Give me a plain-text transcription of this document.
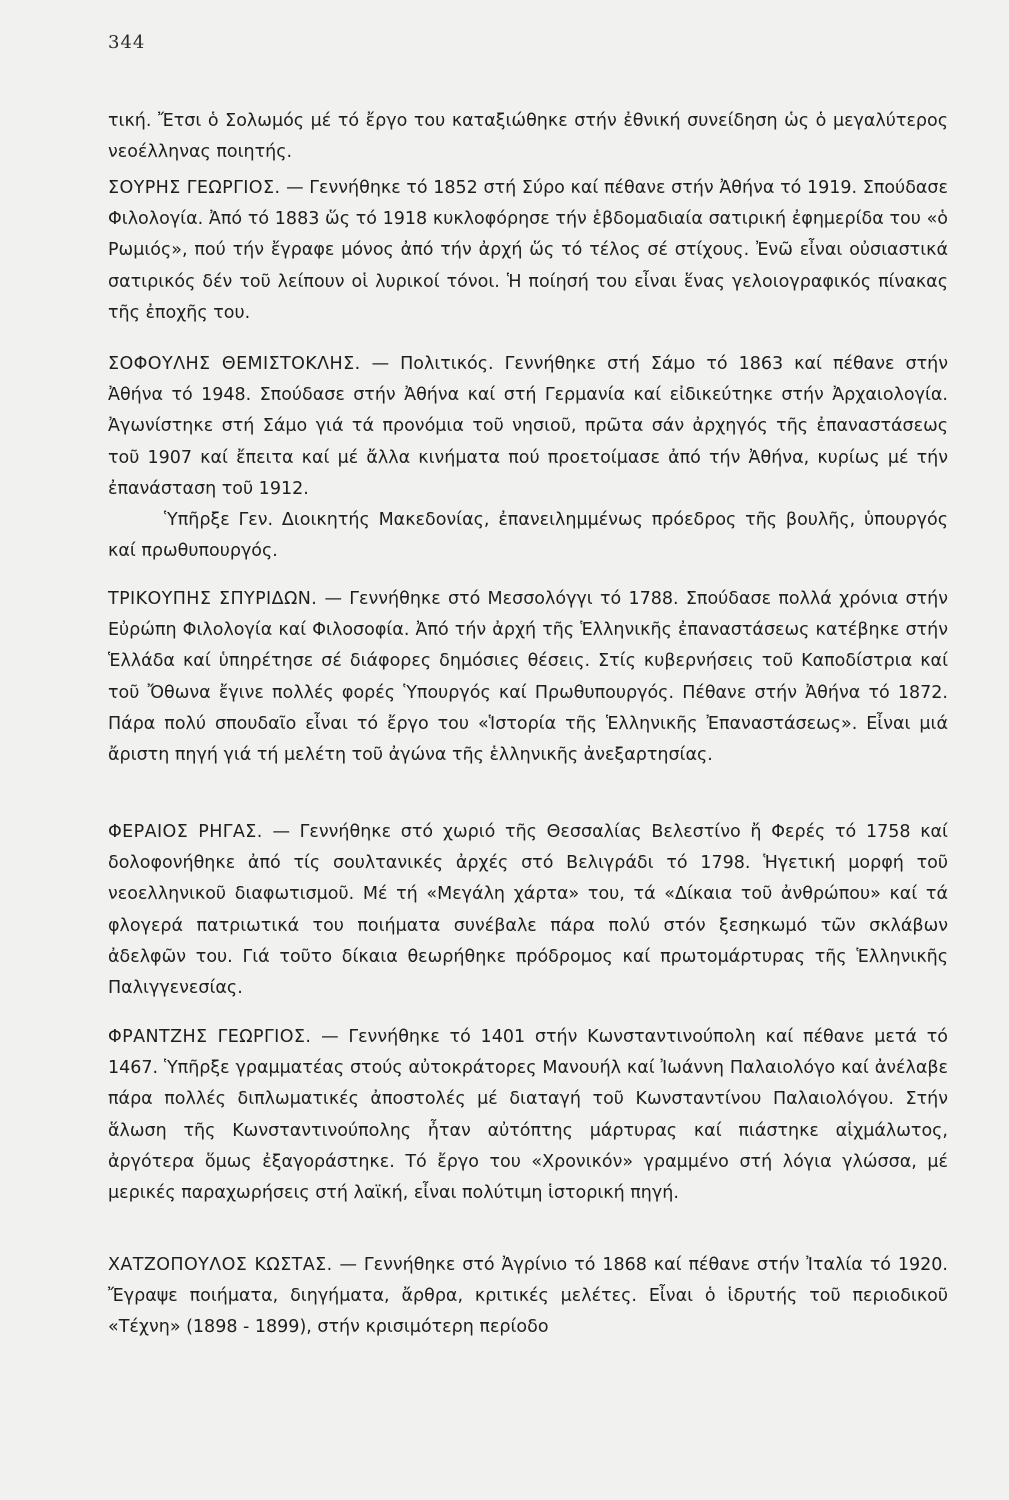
344

τική. Ἔτσι ὁ Σολωμός μέ τό ἔργο του καταξιώθηκε στήν ἐθνική συνείδηση ὡς ὁ μεγαλύτερος νεοέλληνας ποιητής.

ΣΟΥΡΗΣ ΓΕΩΡΓΙΟΣ. — Γεννήθηκε τό 1852 στή Σύρο καί πέθανε στήν Ἀθήνα τό 1919. Σπούδασε Φιλολογία. Ἀπό τό 1883 ὥς τό 1918 κυκλοφόρησε τήν ἑβδομαδιαία σατιρική ἐφημερίδα του «ὁ Ρωμιός», πού τήν ἔγραφε μόνος ἀπό τήν ἀρχή ὥς τό τέλος σέ στίχους. Ἐνῶ εἶναι οὐσιαστικά σατιρικός δέν τοῦ λείπουν οἱ λυρικοί τόνοι. Ἡ ποίησή του εἶναι ἕνας γελοιογραφικός πίνακας τῆς ἐποχῆς του.

ΣΟΦΟΥΛΗΣ ΘΕΜΙΣΤΟΚΛΗΣ. — Πολιτικός. Γεννήθηκε στή Σάμο τό 1863 καί πέθανε στήν Ἀθήνα τό 1948. Σπούδασε στήν Ἀθήνα καί στή Γερμανία καί εἰδικεύτηκε στήν Ἀρχαιολογία. Ἀγωνίστηκε στή Σάμο γιά τά προνόμια τοῦ νησιοῦ, πρῶτα σάν ἀρχηγός τῆς ἐπαναστάσεως τοῦ 1907 καί ἔπειτα καί μέ ἄλλα κινήματα πού προετοίμασε ἀπό τήν Ἀθήνα, κυρίως μέ τήν ἐπανάσταση τοῦ 1912.

Ὑπῆρξε Γεν. Διοικητής Μακεδονίας, ἐπανειλημμένως πρόεδρος τῆς βουλῆς, ὑπουργός καί πρωθυπουργός.

ΤΡΙΚΟΥΠΗΣ ΣΠΥΡΙΔΩΝ. — Γεννήθηκε στό Μεσσολόγγι τό 1788. Σπούδασε πολλά χρόνια στήν Εὐρώπη Φιλολογία καί Φιλοσοφία. Ἀπό τήν ἀρχή τῆς Ἑλληνικῆς ἐπαναστάσεως κατέβηκε στήν Ἑλλάδα καί ὑπηρέτησε σέ διάφορες δημόσιες θέσεις. Στίς κυβερνήσεις τοῦ Καποδίστρια καί τοῦ Ὄθωνα ἔγινε πολλές φορές Ὑπουργός καί Πρωθυπουργός. Πέθανε στήν Ἀθήνα τό 1872. Πάρα πολύ σπουδαῖο εἶναι τό ἔργο του «Ἱστορία τῆς Ἑλληνικῆς Ἐπαναστάσεως». Εἶναι μιά ἄριστη πηγή γιά τή μελέτη τοῦ ἀγώνα τῆς ἑλληνικῆς ἀνεξαρτησίας.

ΦΕΡΑΙΟΣ ΡΗΓΑΣ. — Γεννήθηκε στό χωριό τῆς Θεσσαλίας Βελεστίνο ἤ Φερές τό 1758 καί δολοφονήθηκε ἀπό τίς σουλτανικές ἀρχές στό Βελιγράδι τό 1798. Ἡγετική μορφή τοῦ νεοελληνικοῦ διαφωτισμοῦ. Μέ τή «Μεγάλη χάρτα» του, τά «Δίκαια τοῦ ἀνθρώπου» καί τά φλογερά πατριωτικά του ποιήματα συνέβαλε πάρα πολύ στόν ξεσηκωμό τῶν σκλάβων ἀδελφῶν του. Γιά τοῦτο δίκαια θεωρήθηκε πρόδρομος καί πρωτομάρτυρας τῆς Ἑλληνικῆς Παλιγγενεσίας.

ΦΡΑΝΤΖΗΣ ΓΕΩΡΓΙΟΣ. — Γεννήθηκε τό 1401 στήν Κωνσταντινούπολη καί πέθανε μετά τό 1467. Ὑπῆρξε γραμματέας στούς αὐτοκράτορες Μανουήλ καί Ἰωάννη Παλαιολόγο καί ἀνέλαβε πάρα πολλές διπλωματικές ἀποστολές μέ διαταγή τοῦ Κωνσταντίνου Παλαιολόγου. Στήν ἅλωση τῆς Κωνσταντινούπολης ἦταν αὐτόπτης μάρτυρας καί πιάστηκε αἰχμάλωτος, ἀργότερα ὅμως ἐξαγοράστηκε. Τό ἔργο του «Χρονικόν» γραμμένο στή λόγια γλώσσα, μέ μερικές παραχωρήσεις στή λαϊκή, εἶναι πολύτιμη ἱστορική πηγή.

ΧΑΤΖΟΠΟΥΛΟΣ ΚΩΣΤΑΣ. — Γεννήθηκε στό Ἀγρίνιο τό 1868 καί πέθανε στήν Ἰταλία τό 1920. Ἔγραψε ποιήματα, διηγήματα, ἄρθρα, κριτικές μελέτες. Εἶναι ὁ ἱδρυτής τοῦ περιοδικοῦ «Τέχνη» (1898 - 1899), στήν κρισιμότερη περίοδο
